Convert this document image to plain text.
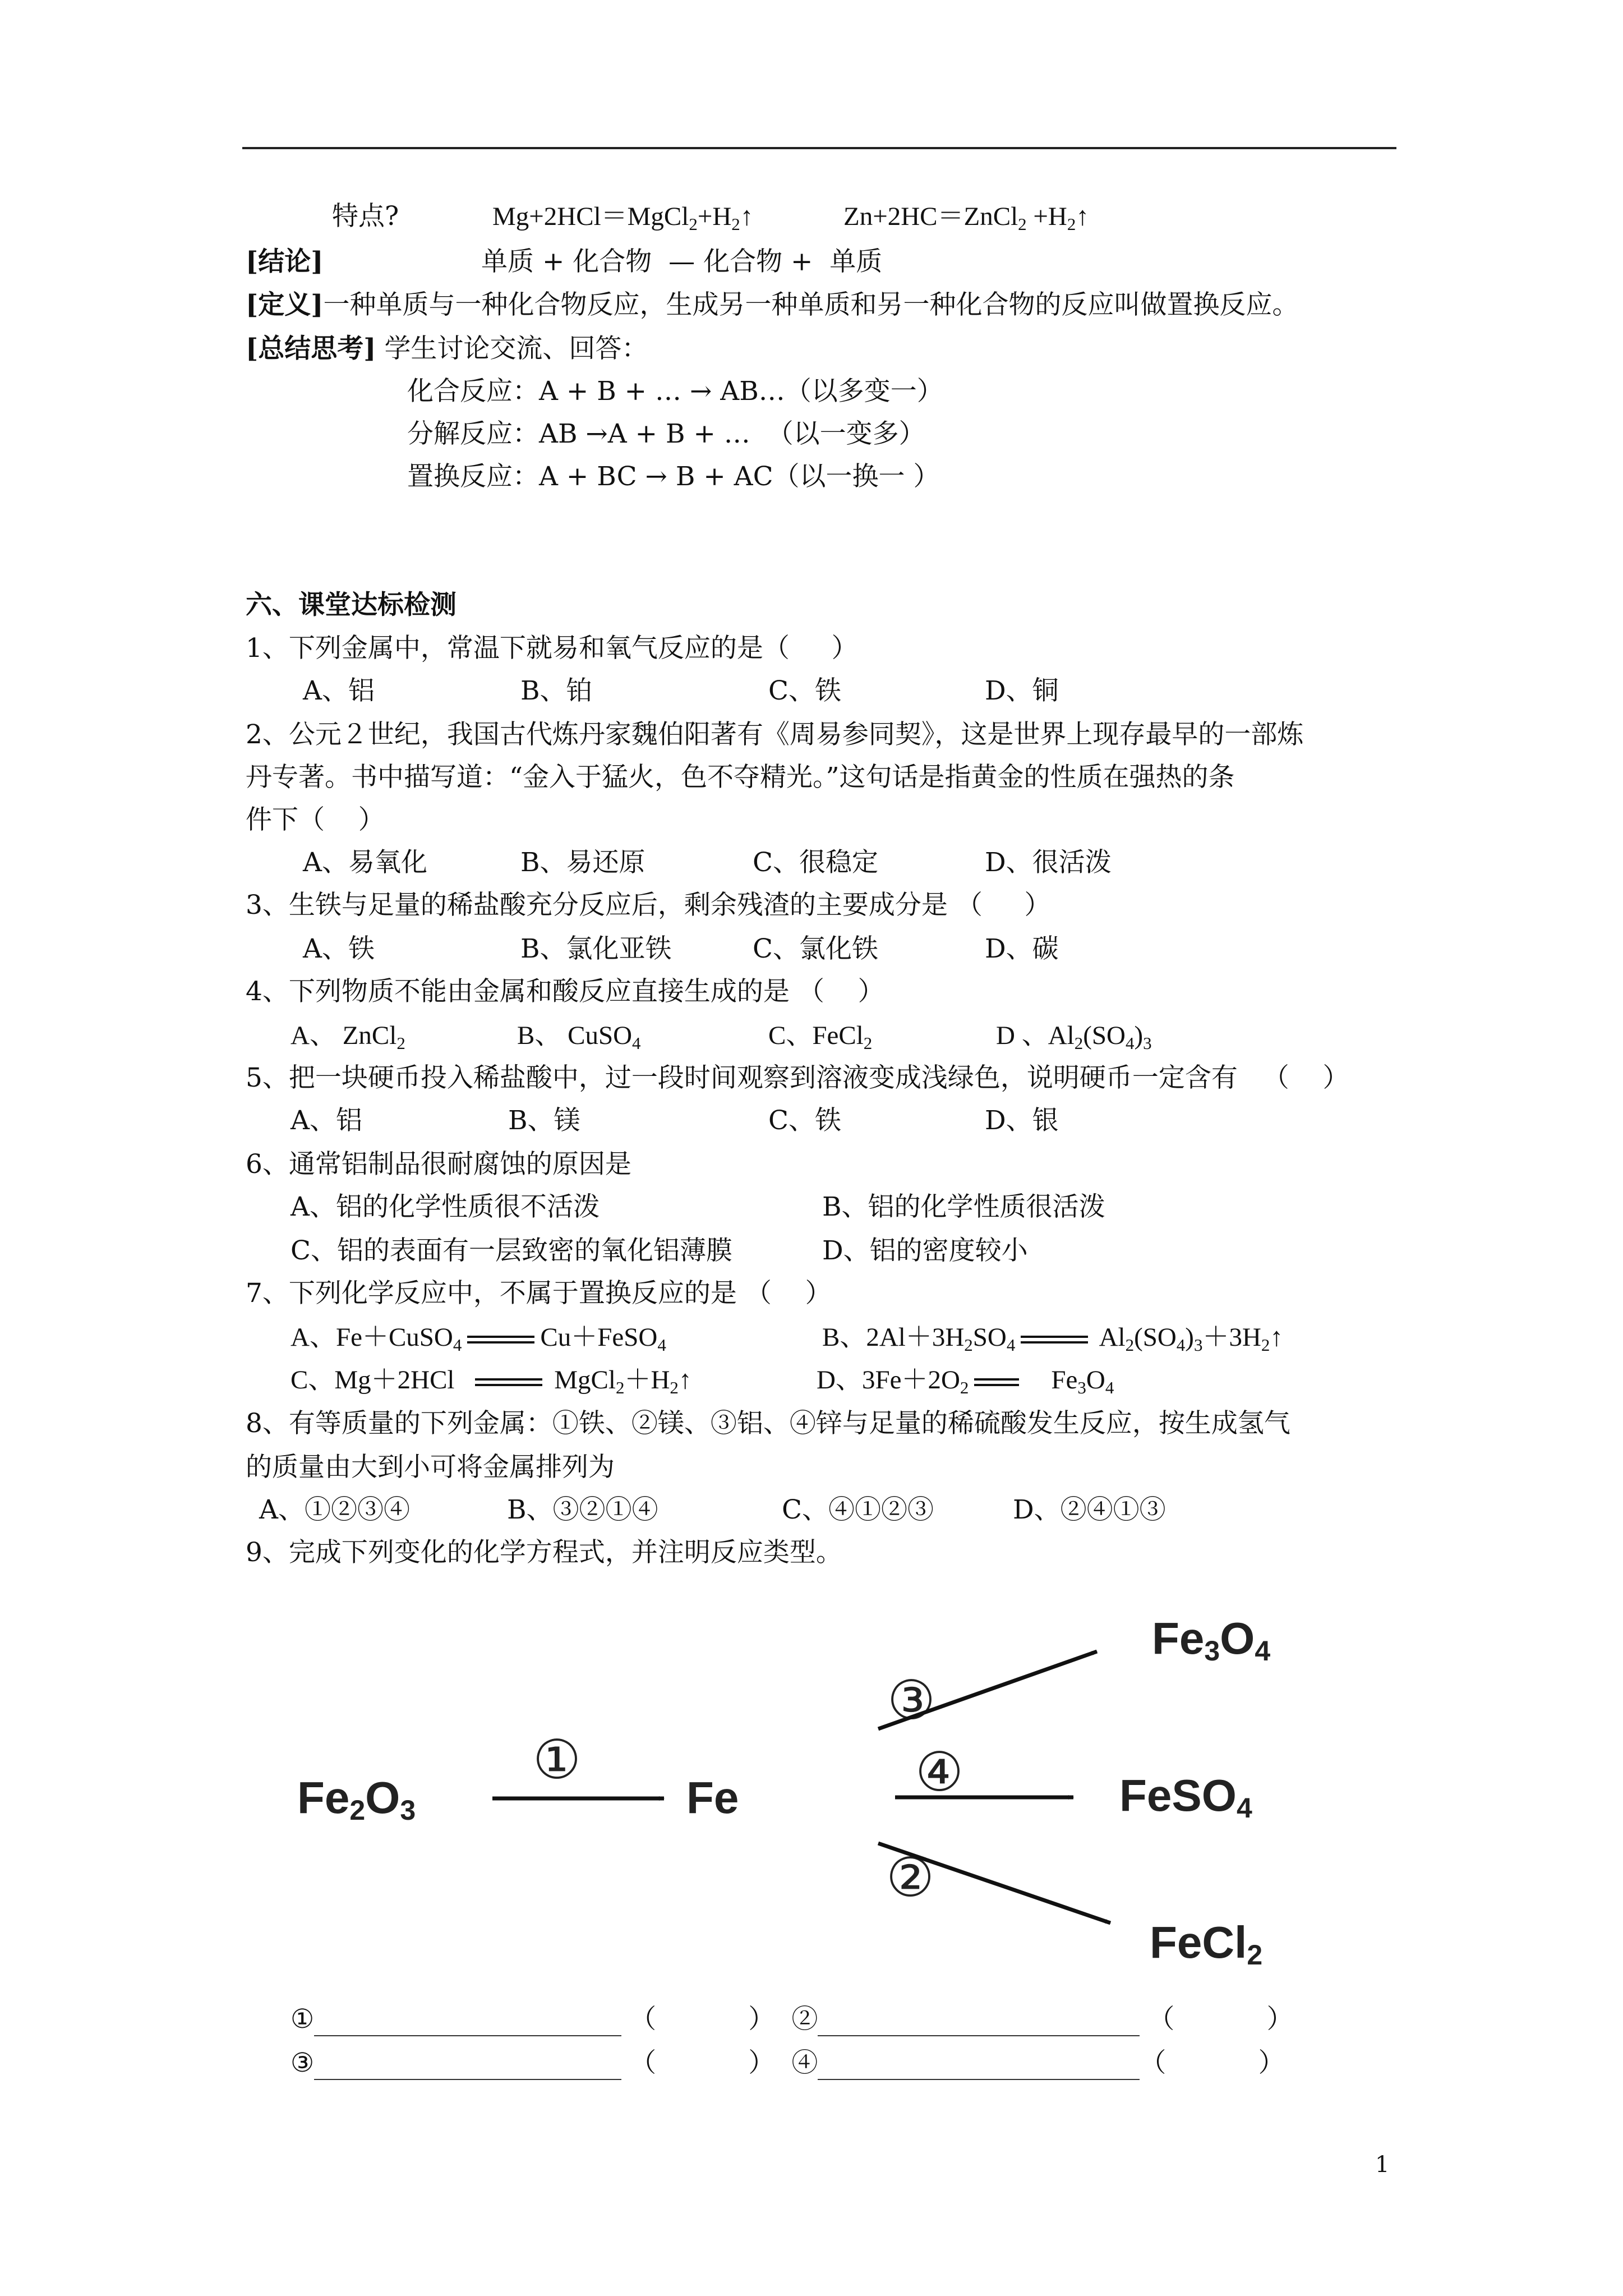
特点?	$Mg+2HCl=MgCl_2+H_2↑$	Zn+2HC＝ZnCl$_2$ $+H_2↑$
[结论]	单质 + 化合物  — 化合物 +  单质
[定义]一种单质与一种化合物反应，生成另一种单质和另一种化合物的反应叫做置换反应。
[总结思考] 学生讨论交流、回答：
化合反应：A + B + … → AB…（以多变一）
分解反应：AB →A + B + …  （以一变多）
置换反应：A + BC → B + AC（以一换一 ）
六、课堂达标检测
1、下列金属中，常温下就易和氧气反应的是（     ）
A、铝	B、铂	C、铁	D、铜
2、公元２世纪，我国古代炼丹家魏伯阳著有《周易参同契》，这是世界上现存最早的一部炼
丹专著。书中描写道：“金入于猛火，色不夺精光。”这句话是指黄金的性质在强热的条
件下（    ）
A、易氧化	B、易还原	C、很稳定	D、很活泼
3、生铁与足量的稀盐酸充分反应后，剩余残渣的主要成分是 （     ）
A、铁	B、氯化亚铁	C、氯化铁	D、碳
4、下列物质不能由金属和酸反应直接生成的是 （    ）
A、 ZnCl$_2$	B、 CuSO$_4$	C、FeCl$_2$	D 、$Al_2(SO_4)_3$
5、把一块硬币投入稀盐酸中，过一段时间观察到溶液变成浅绿色，说明硬币一定含有   （    ）
A、铝	B、镁	C、铁	D、银
6、通常铝制品很耐腐蚀的原因是
A、铝的化学性质很不活泼	B、铝的化学性质很活泼
C、铝的表面有一层致密的氧化铝薄膜	D、铝的密度较小
7、下列化学反应中，不属于置换反应的是 （    ）
A、Fe＋CuSO$_4$	Cu＋FeSO$_4$	B、$2Al+3H_2SO_4$	$Al_2(SO_4)_3+3H_2↑$
C、Mg＋2HCl	$MgCl_2+H_2↑$	D、$3Fe+2O_2$	$Fe_3O_4$
8、有等质量的下列金属：①铁、②镁、③铝、④锌与足量的稀硫酸发生反应，按生成氢气
的质量由大到小可将金属排列为
A、①②③④	B、③②①④	C、④①②③	D、②④①③
9、完成下列变化的化学方程式，并注明反应类型。
Fe2O3	Fe
Fe3O4
FeSO4
FeCl2
①
③
④
②
①	（           ） ②	（           ）
③	（           ） ④	（           ）
1
